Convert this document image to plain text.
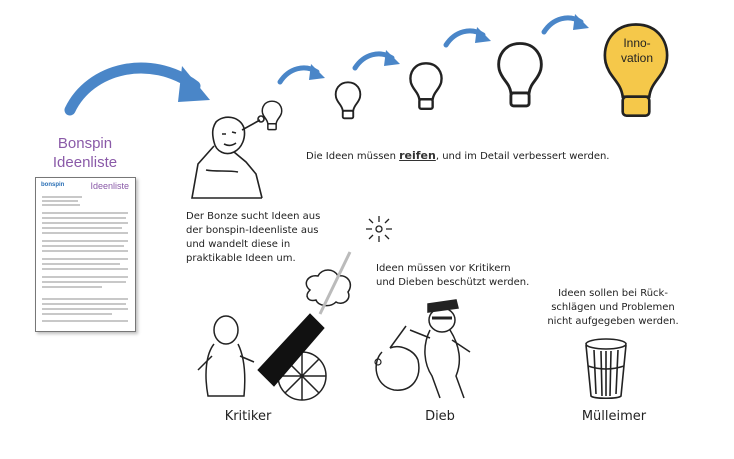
Inno-
vation
Bonspin
Ideenliste
bonspin	Ideenliste
Die Ideen müssen reifen, und im Detail verbessert werden.
Der Bonze sucht Ideen aus
der bonspin-Ideenliste aus
und wandelt diese in
praktikable Ideen um.
Ideen müssen vor Kritikern
und Dieben beschützt werden.
Ideen sollen bei Rück-
schlägen und Problemen
nicht aufgegeben werden.
Kritiker	Dieb	Mülleimer
